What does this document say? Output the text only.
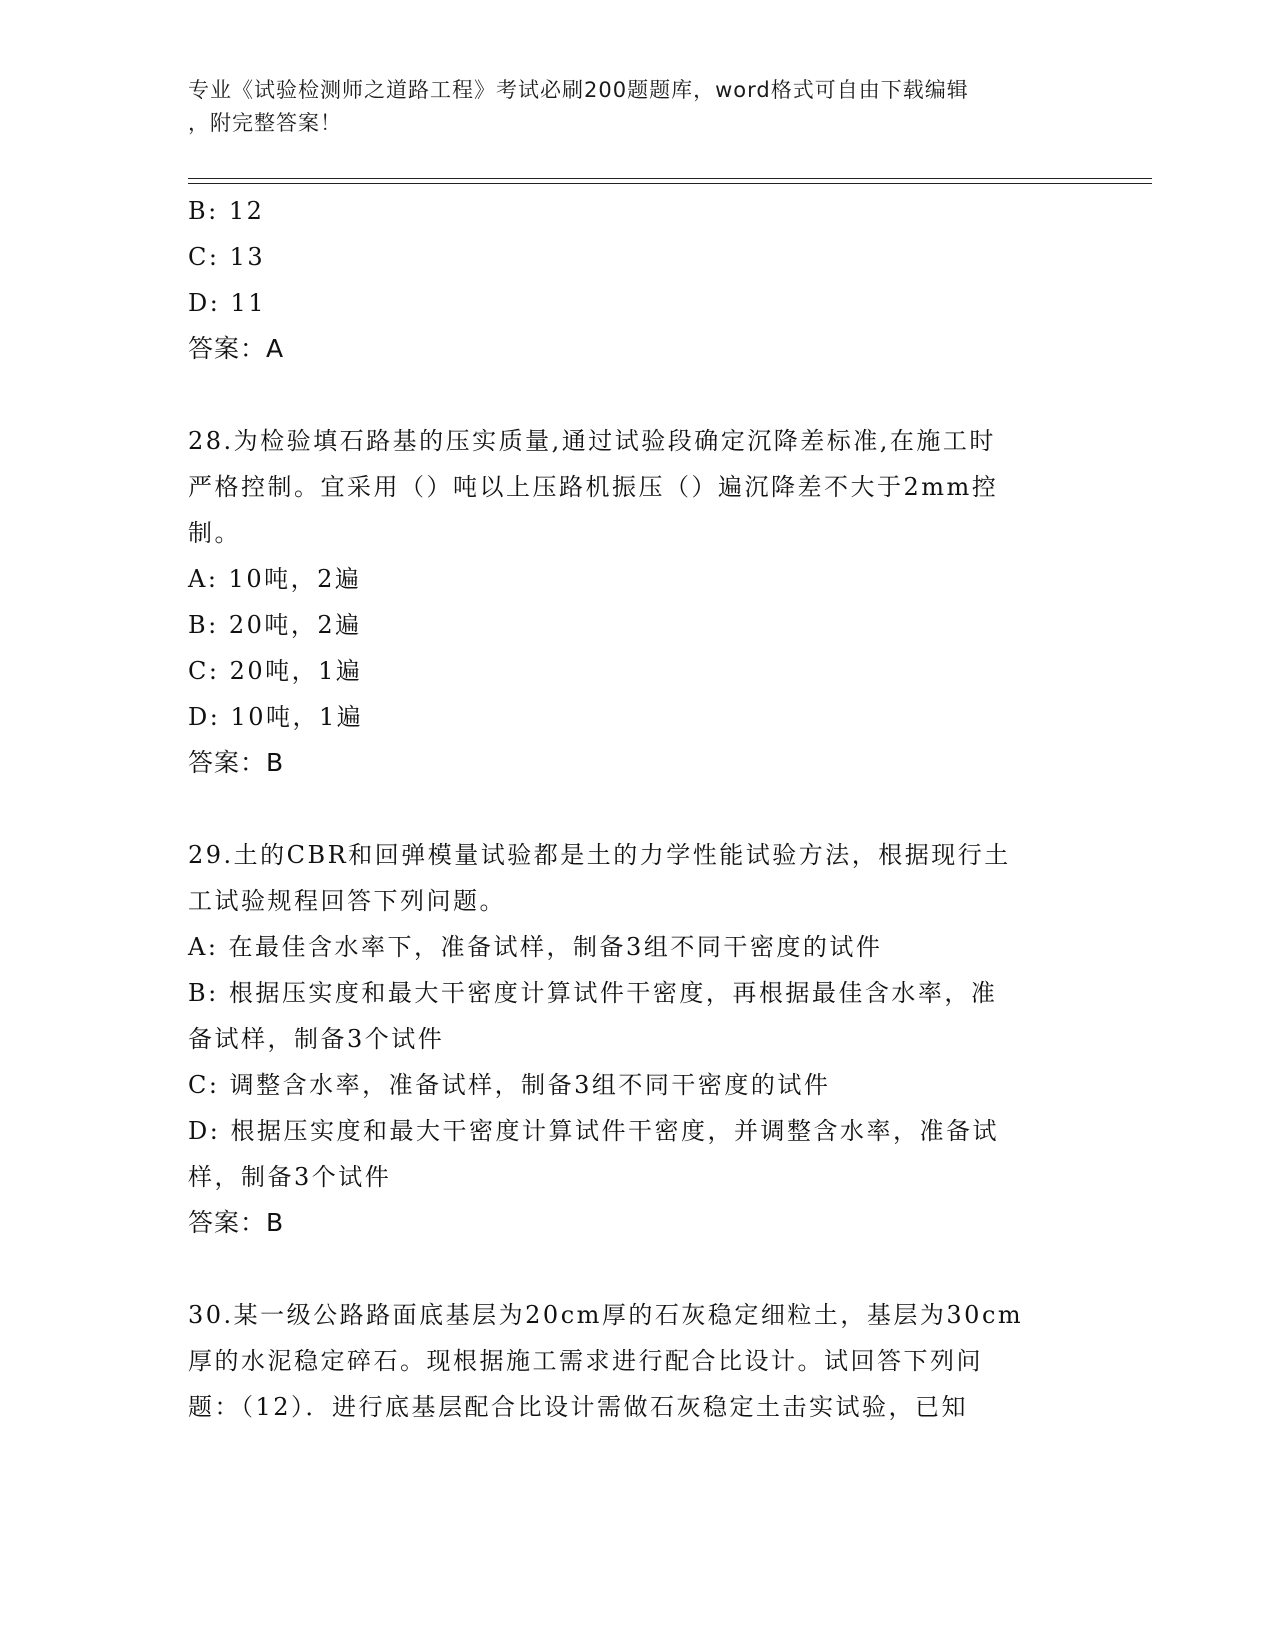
专业《试验检测师之道路工程》考试必刷200题题库，word格式可自由下载编辑
，附完整答案！
B: 12
C: 13
D: 11
答案：A
28.为检验填石路基的压实质量,通过试验段确定沉降差标准,在施工时
严格控制。宜采用（）吨以上压路机振压（）遍沉降差不大于2mm控
制。
A: 10吨，2遍
B: 20吨，2遍
C: 20吨，1遍
D: 10吨，1遍
答案：B
29.土的CBR和回弹模量试验都是土的力学性能试验方法，根据现行土
工试验规程回答下列问题。
A: 在最佳含水率下，准备试样，制备3组不同干密度的试件
B: 根据压实度和最大干密度计算试件干密度，再根据最佳含水率，准
备试样，制备3个试件
C: 调整含水率，准备试样，制备3组不同干密度的试件
D: 根据压实度和最大干密度计算试件干密度，并调整含水率，准备试
样，制备3个试件
答案：B
30.某一级公路路面底基层为20cm厚的石灰稳定细粒土，基层为30cm
厚的水泥稳定碎石。现根据施工需求进行配合比设计。试回答下列问
题：（12）．进行底基层配合比设计需做石灰稳定土击实试验，已知
